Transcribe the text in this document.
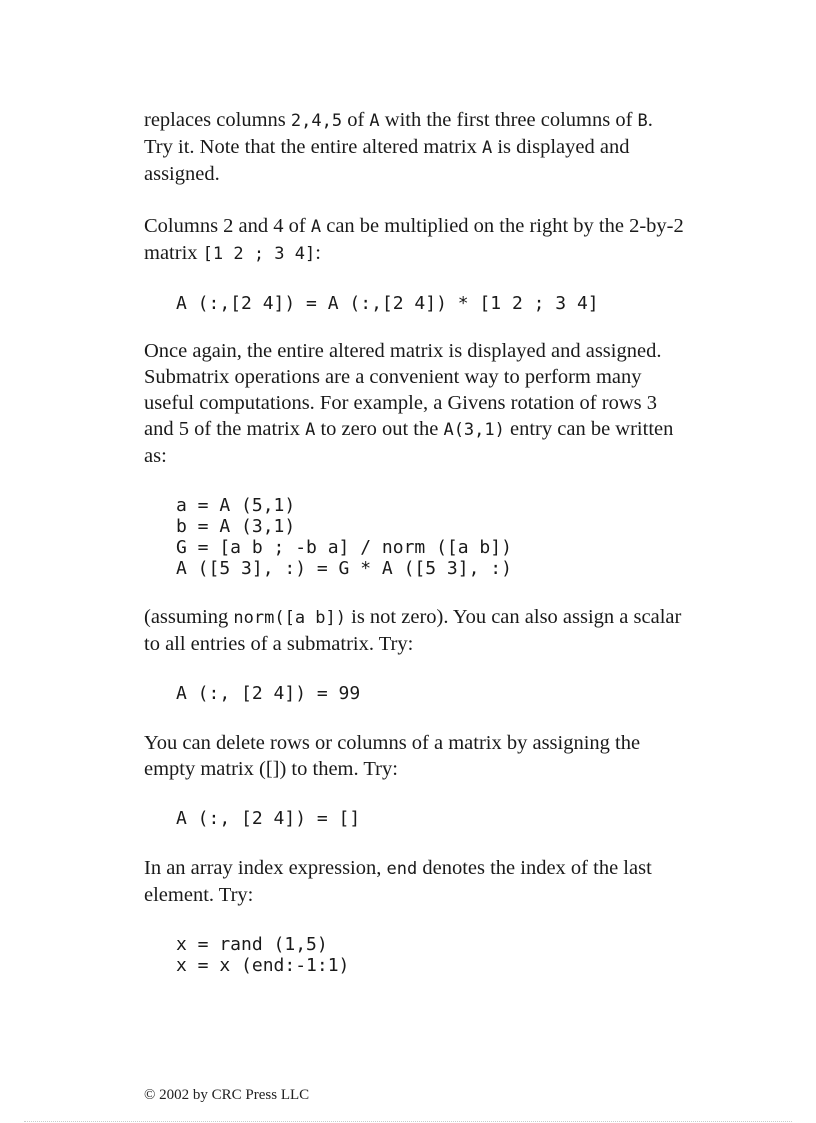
replaces columns 2,4,5 of A with the first three columns of B. Try it. Note that the entire altered matrix A is displayed and assigned.

Columns 2 and 4 of A can be multiplied on the right by the 2-by-2 matrix [1 2 ; 3 4]:

A (:,[2 4]) = A (:,[2 4]) * [1 2 ; 3 4]

Once again, the entire altered matrix is displayed and assigned. Submatrix operations are a convenient way to perform many useful computations. For example, a Givens rotation of rows 3 and 5 of the matrix A to zero out the A(3,1) entry can be written as:

a = A (5,1)
b = A (3,1)
G = [a b ; -b a] / norm ([a b])
A ([5 3], :) = G * A ([5 3], :)

(assuming norm([a b]) is not zero). You can also assign a scalar to all entries of a submatrix. Try:

A (:, [2 4]) = 99

You can delete rows or columns of a matrix by assigning the empty matrix ([]) to them. Try:

A (:, [2 4]) = []

In an array index expression, end denotes the index of the last element. Try:

x = rand (1,5)
x = x (end:-1:1)
© 2002 by CRC Press LLC
